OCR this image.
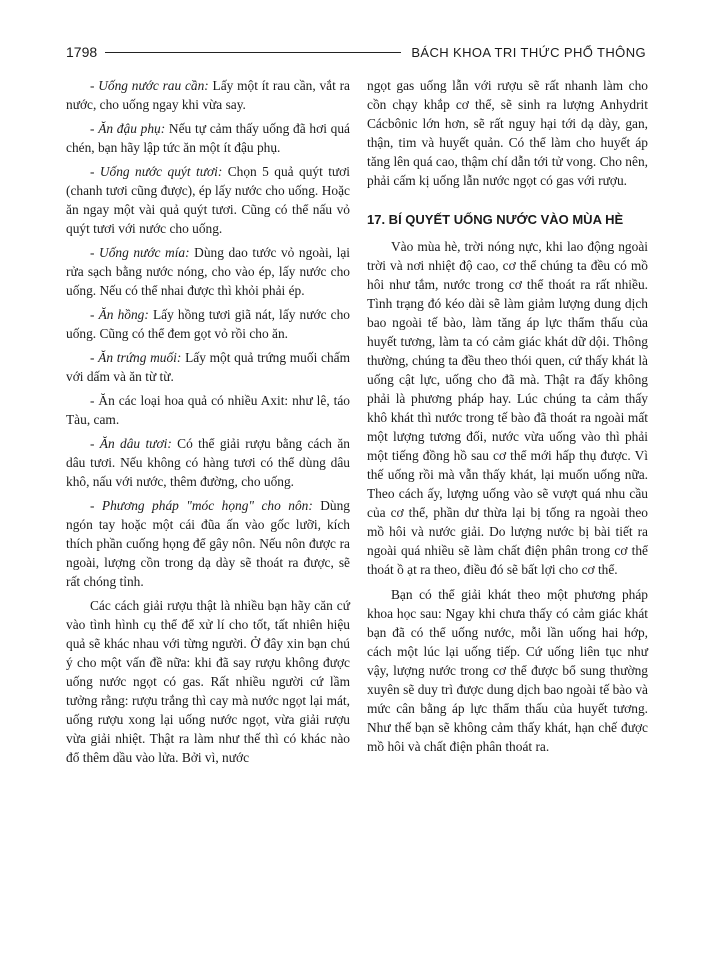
1798	BÁCH KHOA TRI THỨC PHỔ THÔNG

- Uống nước rau cần: Lấy một ít rau cần, vắt ra nước, cho uống ngay khi vừa say.

- Ăn đậu phụ: Nếu tự cảm thấy uống đã hơi quá chén, bạn hãy lập tức ăn một ít đậu phụ.

- Uống nước quýt tươi: Chọn 5 quả quýt tươi (chanh tươi cũng được), ép lấy nước cho uống. Hoặc ăn ngay một vài quả quýt tươi. Cũng có thể nấu vỏ quýt tươi với nước cho uống.

- Uống nước mía: Dùng dao tước vỏ ngoài, lại rửa sạch bằng nước nóng, cho vào ép, lấy nước cho uống. Nếu có thể nhai được thì khỏi phải ép.

- Ăn hồng: Lấy hồng tươi giã nát, lấy nước cho uống. Cũng có thể đem gọt vỏ rồi cho ăn.

- Ăn trứng muối: Lấy một quả trứng muối chấm với dấm và ăn từ từ.

- Ăn các loại hoa quả có nhiều Axit: như lê, táo Tàu, cam.

- Ăn dâu tươi: Có thể giải rượu bằng cách ăn dâu tươi. Nếu không có hàng tươi có thể dùng dâu khô, nấu với nước, thêm đường, cho uống.

- Phương pháp "móc họng" cho nôn: Dùng ngón tay hoặc một cái đũa ấn vào gốc lưỡi, kích thích phần cuống họng để gây nôn. Nếu nôn được ra ngoài, lượng cồn trong dạ dày sẽ thoát ra được, sẽ rất chóng tỉnh.

Các cách giải rượu thật là nhiều bạn hãy căn cứ vào tình hình cụ thể để xử lí cho tốt, tất nhiên hiệu quả sẽ khác nhau với từng người. Ở đây xin bạn chú ý cho một vấn đề nữa: khi đã say rượu không được uống nước ngọt có gas. Rất nhiều người cứ lầm tưởng rằng: rượu trắng thì cay mà nước ngọt lại mát, uống rượu xong lại uống nước ngọt, vừa giải rượu vừa giải nhiệt. Thật ra làm như thế thì có khác nào đổ thêm dầu vào lửa. Bởi vì, nước

ngọt gas uống lẫn với rượu sẽ rất nhanh làm cho cồn chạy khắp cơ thể, sẽ sinh ra lượng Anhydrit Cácbônic lớn hơn, sẽ rất nguy hại tới dạ dày, gan, thận, tim và huyết quản. Có thể làm cho huyết áp tăng lên quá cao, thậm chí dẫn tới tử vong. Cho nên, phải cấm kị uống lẫn nước ngọt có gas với rượu.

17. BÍ QUYẾT UỐNG NƯỚC VÀO MÙA HÈ

Vào mùa hè, trời nóng nực, khi lao động ngoài trời và nơi nhiệt độ cao, cơ thể chúng ta đều có mồ hôi như tắm, nước trong cơ thể thoát ra rất nhiều. Tình trạng đó kéo dài sẽ làm giảm lượng dung dịch bao ngoài tế bào, làm tăng áp lực thẩm thấu của huyết tương, làm ta có cảm giác khát dữ dội. Thông thường, chúng ta đều theo thói quen, cứ thấy khát là uống cật lực, uống cho đã mà. Thật ra đấy không phải là phương pháp hay. Lúc chúng ta cảm thấy khô khát thì nước trong tế bào đã thoát ra ngoài mất một lượng tương đối, nước vừa uống vào thì phải một tiếng đồng hồ sau cơ thể mới hấp thụ được. Vì thế uống rồi mà vẫn thấy khát, lại muốn uống nữa. Theo cách ấy, lượng uống vào sẽ vượt quá nhu cầu của cơ thể, phần dư thừa lại bị tống ra ngoài theo mồ hôi và nước giải. Do lượng nước bị bài tiết ra ngoài quá nhiều sẽ làm chất điện phân trong cơ thể thoát ồ ạt ra theo, điều đó sẽ bất lợi cho cơ thể.

Bạn có thể giải khát theo một phương pháp khoa học sau: Ngay khi chưa thấy có cảm giác khát bạn đã có thể uống nước, mỗi lần uống hai hớp, cách một lúc lại uống tiếp. Cứ uống liên tục như vậy, lượng nước trong cơ thể được bổ sung thường xuyên sẽ duy trì được dung dịch bao ngoài tế bào và mức cân bằng áp lực thẩm thấu của huyết tương. Như thế bạn sẽ không cảm thấy khát, hạn chế được mồ hôi và chất điện phân thoát ra.
